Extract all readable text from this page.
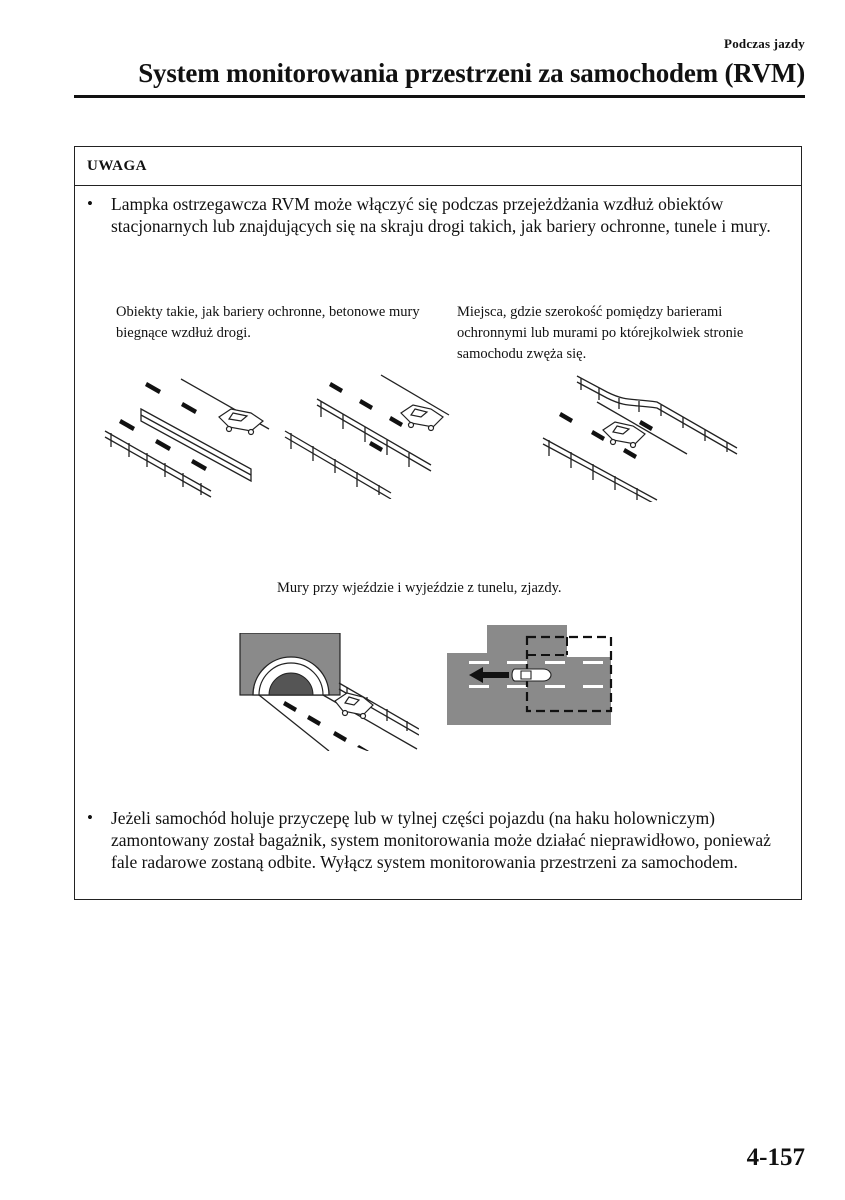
Podczas jazdy
System monitorowania przestrzeni za samochodem (RVM)
UWAGA
• Lampka ostrzegawcza RVM może włączyć się podczas przejeżdżania wzdłuż obiektów stacjonarnych lub znajdujących się na skraju drogi takich, jak bariery ochronne, tunele i mury.
Obiekty takie, jak bariery ochronne, betonowe mury biegnące wzdłuż drogi.
Miejsca, gdzie szerokość pomiędzy barierami ochronnymi lub murami po którejkolwiek stronie samochodu zwęża się.
Mury przy wjeździe i wyjeździe z tunelu, zjazdy.
• Jeżeli samochód holuje przyczepę lub w tylnej części pojazdu (na haku holowniczym) zamontowany został bagażnik, system monitorowania może działać nieprawidłowo, ponieważ fale radarowe zostaną odbite. Wyłącz system monitorowania przestrzeni za samochodem.
4-157
